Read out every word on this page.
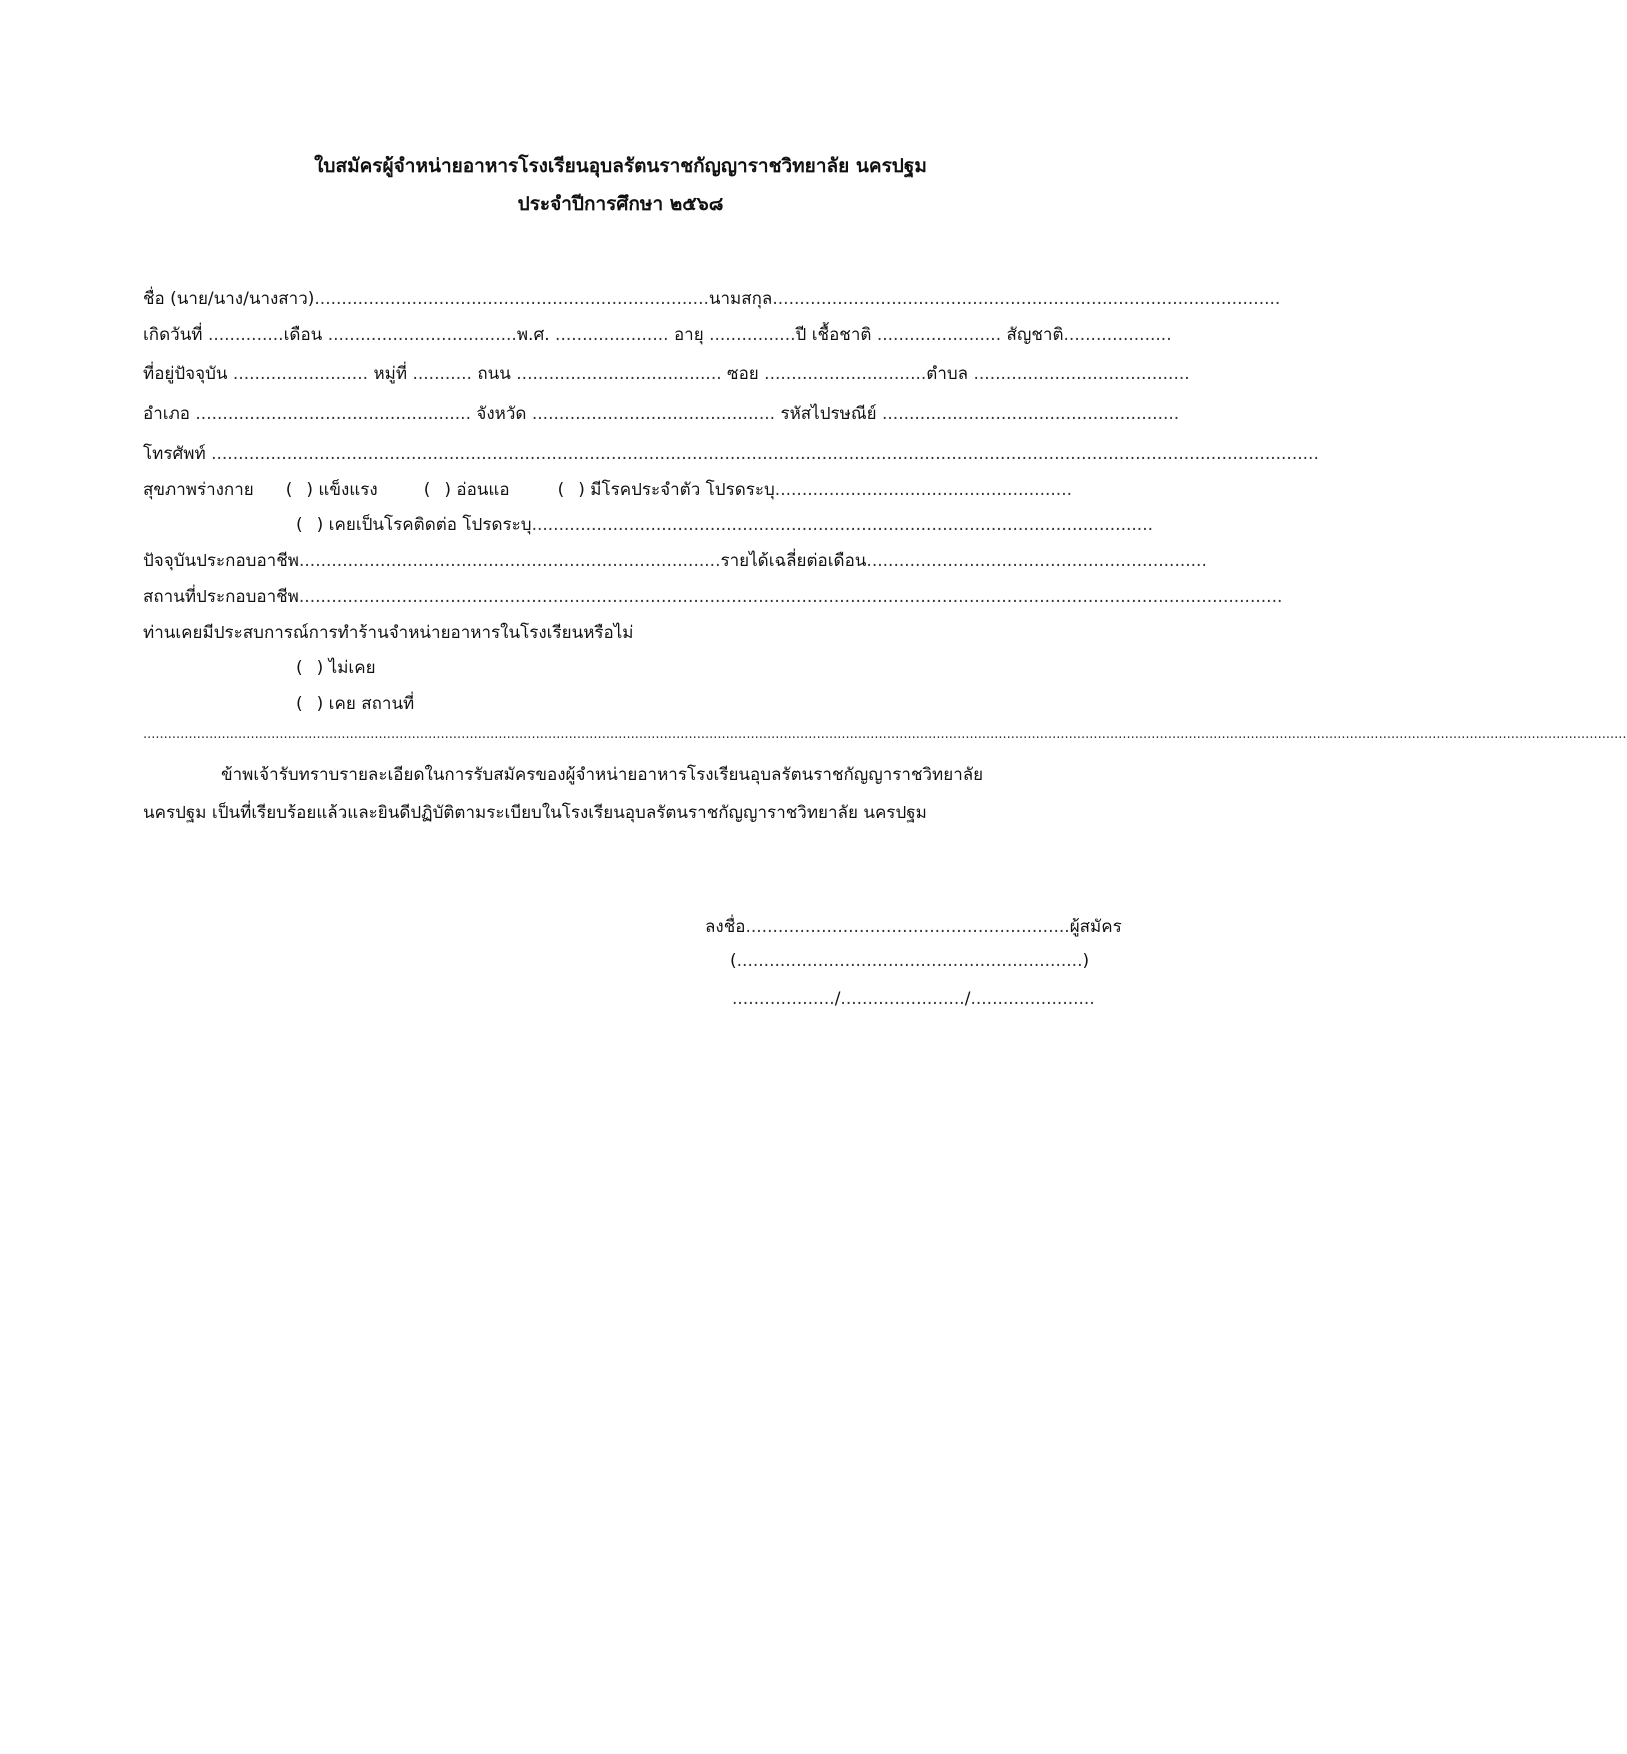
ใบสมัครผู้จำหน่ายอาหารโรงเรียนอุบลรัตนราชกัญญาราชวิทยาลัย นครปฐม
ประจำปีการศึกษา ๒๕๖๘
ชื่อ (นาย/นาง/นางสาว).........................................................................นามสกุล..............................................................................................
เกิดวันที่ ..............เดือน ...................................พ.ศ. ..................... อายุ ................ปี เชื้อชาติ ....................... สัญชาติ....................
ที่อยู่ปัจจุบัน ......................... หมู่ที่ ........... ถนน ...................................... ซอย ..............................ตำบล ........................................
อำเภอ ................................................... จังหวัด ............................................. รหัสไปรษณีย์ .......................................................
โทรศัพท์ .............................................................................................................................................................................................................
สุขภาพร่างกาย ( ) แข็งแรง	( ) อ่อนแอ	( ) มีโรคประจำตัว โปรดระบุ.......................................................
( ) เคยเป็นโรคติดต่อ โปรดระบุ...................................................................................................................
ปัจจุบันประกอบอาชีพ..............................................................................รายได้เฉลี่ยต่อเดือน...............................................................
สถานที่ประกอบอาชีพ......................................................................................................................................................................................
ท่านเคยมีประสบการณ์การทำร้านจำหน่ายอาหารในโรงเรียนหรือไม่
( ) ไม่เคย
( ) เคย สถานที่
.......................................................................................................................................................................................................................................................................................................................................................................
ข้าพเจ้ารับทราบรายละเอียดในการรับสมัครของผู้จำหน่ายอาหารโรงเรียนอุบลรัตนราชกัญญาราชวิทยาลัย
นครปฐม เป็นที่เรียบร้อยแล้วและยินดีปฏิบัติตามระเบียบในโรงเรียนอุบลรัตนราชกัญญาราชวิทยาลัย นครปฐม
ลงชื่อ............................................................ผู้สมัคร
(................................................................)
.................../......................./.......................
